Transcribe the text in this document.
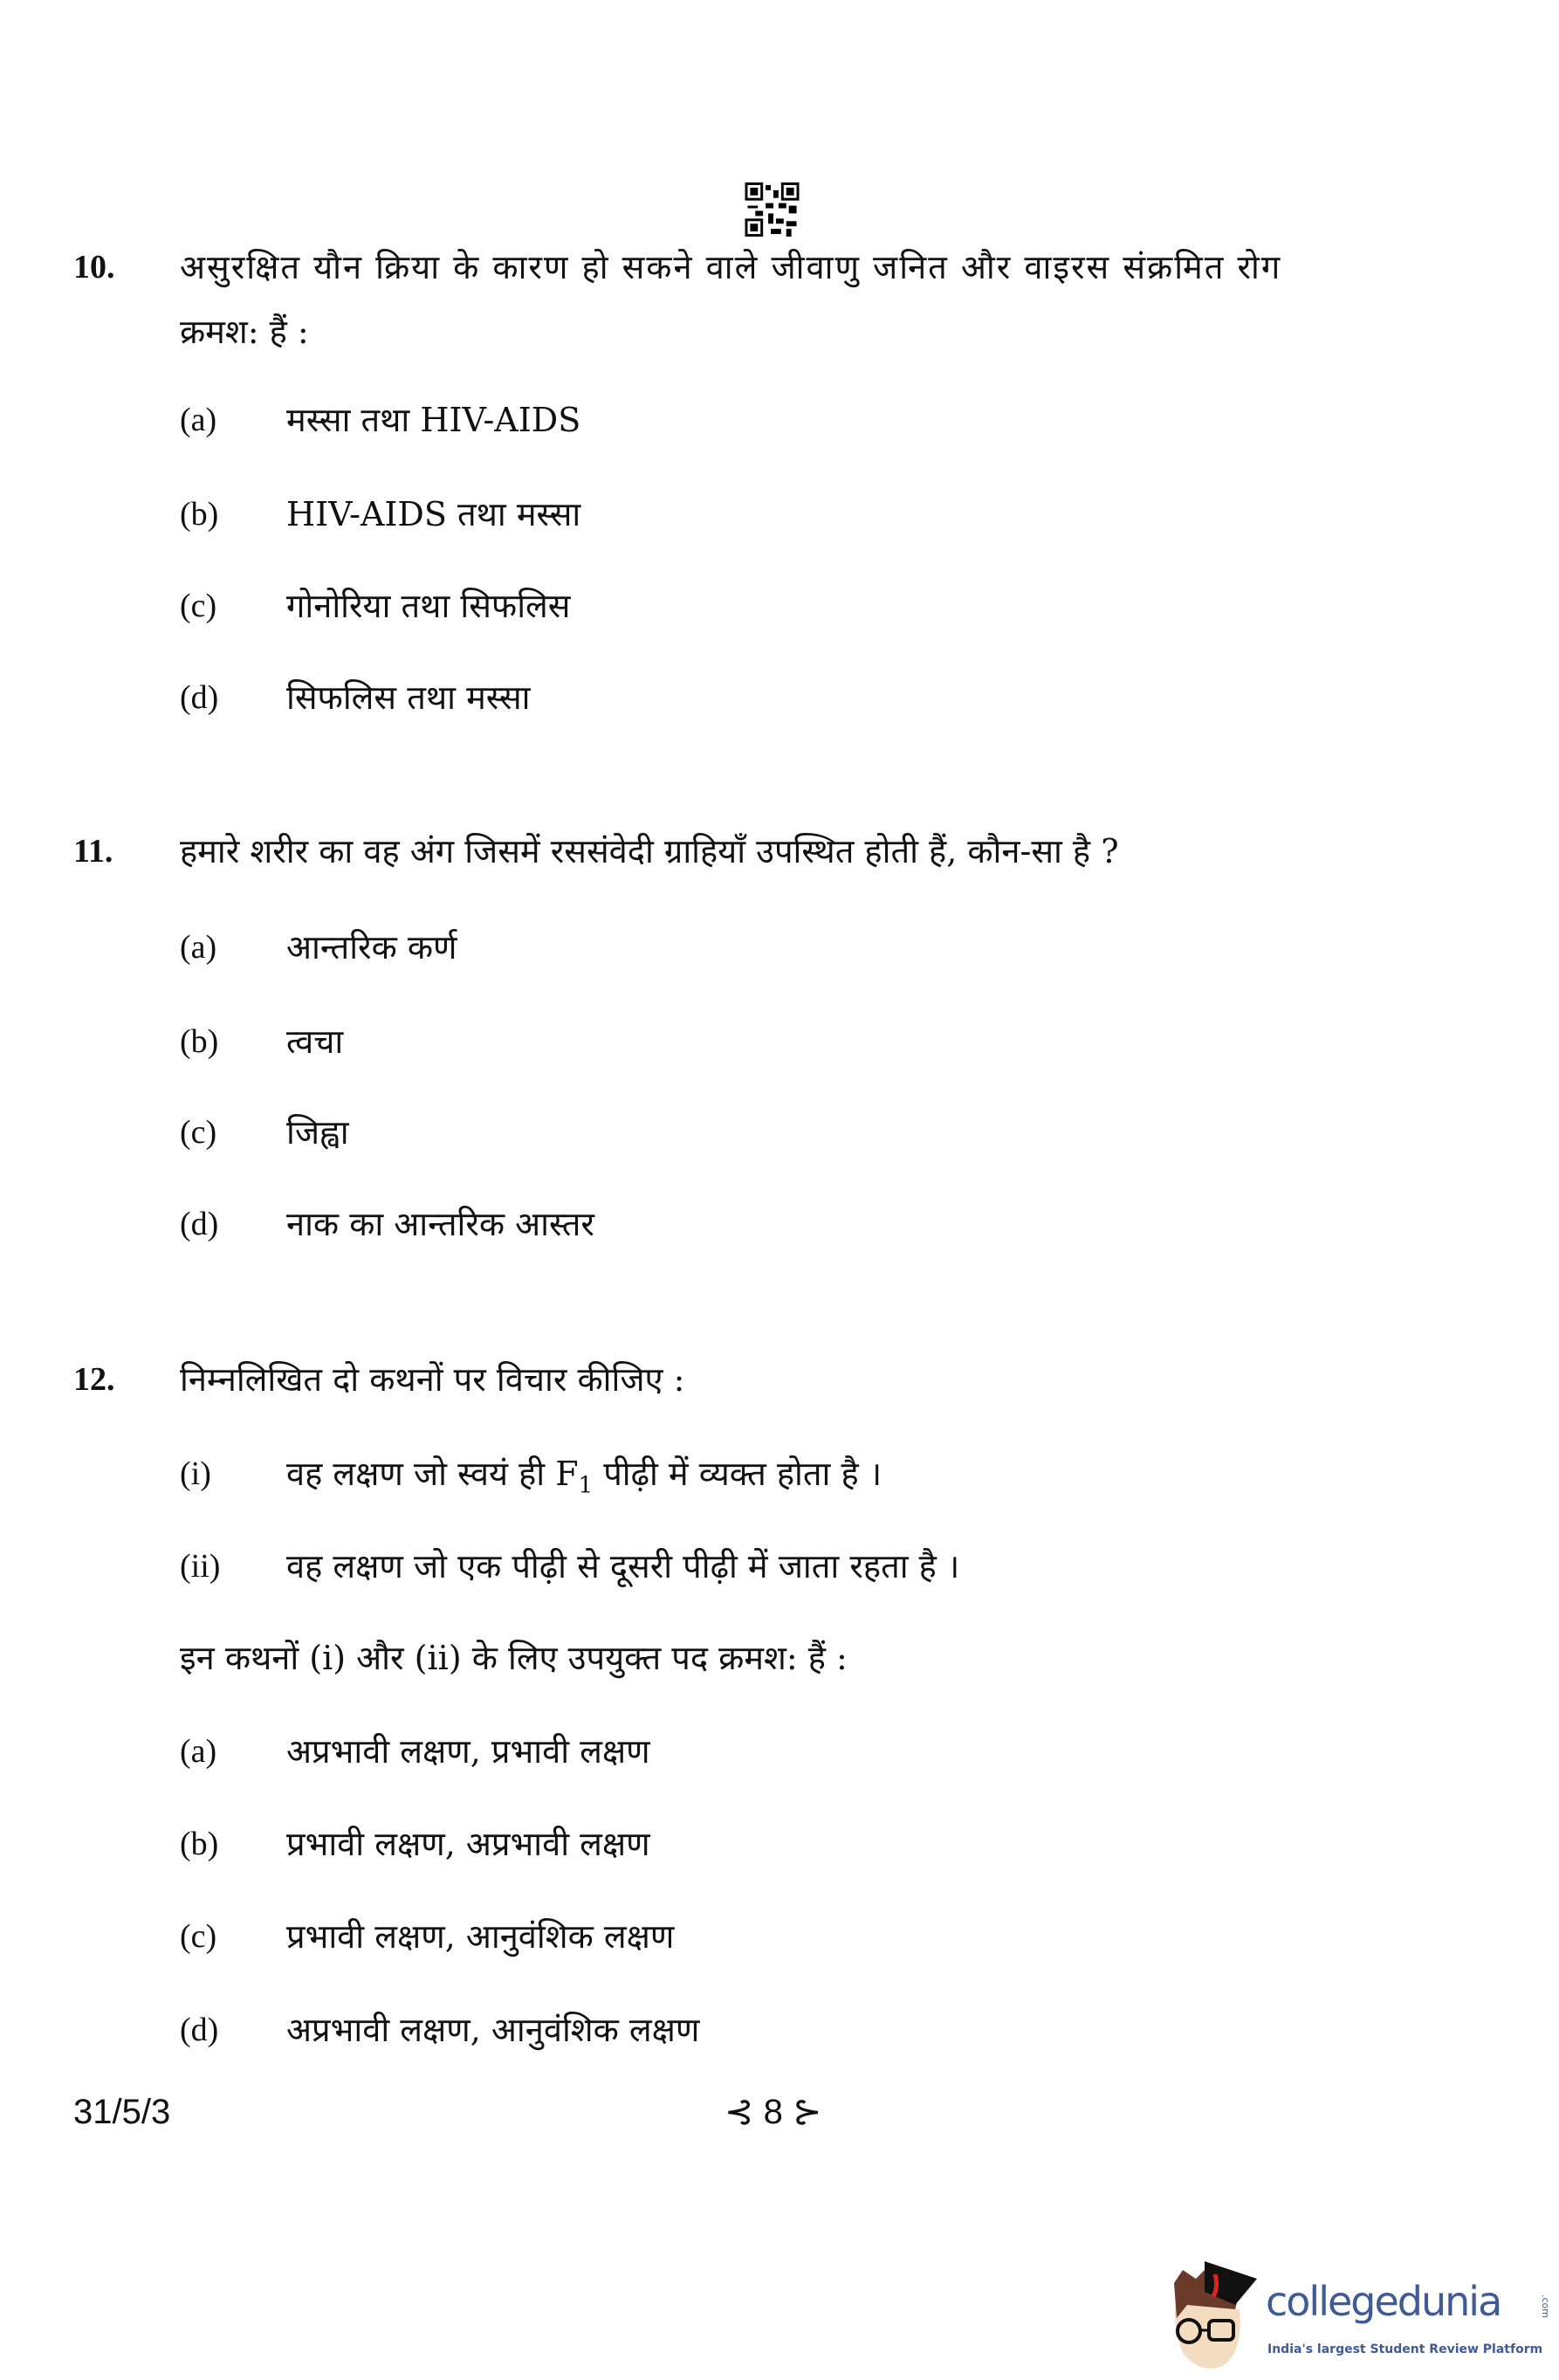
10. असुरक्षित यौन क्रिया के कारण हो सकने वाले जीवाणु जनित और वाइरस संक्रमित रोग
क्रमश: हैं :
(a) मस्सा तथा HIV-AIDS
(b) HIV-AIDS तथा मस्सा
(c) गोनोरिया तथा सिफलिस
(d) सिफलिस तथा मस्सा
11. हमारे शरीर का वह अंग जिसमें रससंवेदी ग्राहियाँ उपस्थित होती हैं, कौन-सा है ?
(a) आन्तरिक कर्ण
(b) त्वचा
(c) जिह्वा
(d) नाक का आन्तरिक आस्तर
12. निम्नलिखित दो कथनों पर विचार कीजिए :
(i) वह लक्षण जो स्वयं ही $F_1$ पीढ़ी में व्यक्त होता है ।
(ii) वह लक्षण जो एक पीढ़ी से दूसरी पीढ़ी में जाता रहता है ।
इन कथनों (i) और (ii) के लिए उपयुक्त पद क्रमश: हैं :
(a) अप्रभावी लक्षण, प्रभावी लक्षण
(b) प्रभावी लक्षण, अप्रभावी लक्षण
(c) प्रभावी लक्षण, आनुवंशिक लक्षण
(d) अप्रभावी लक्षण, आनुवंशिक लक्षण
31/5/3	⊰ 8 ⊱
collegedunia	.com
India's largest Student Review Platform
